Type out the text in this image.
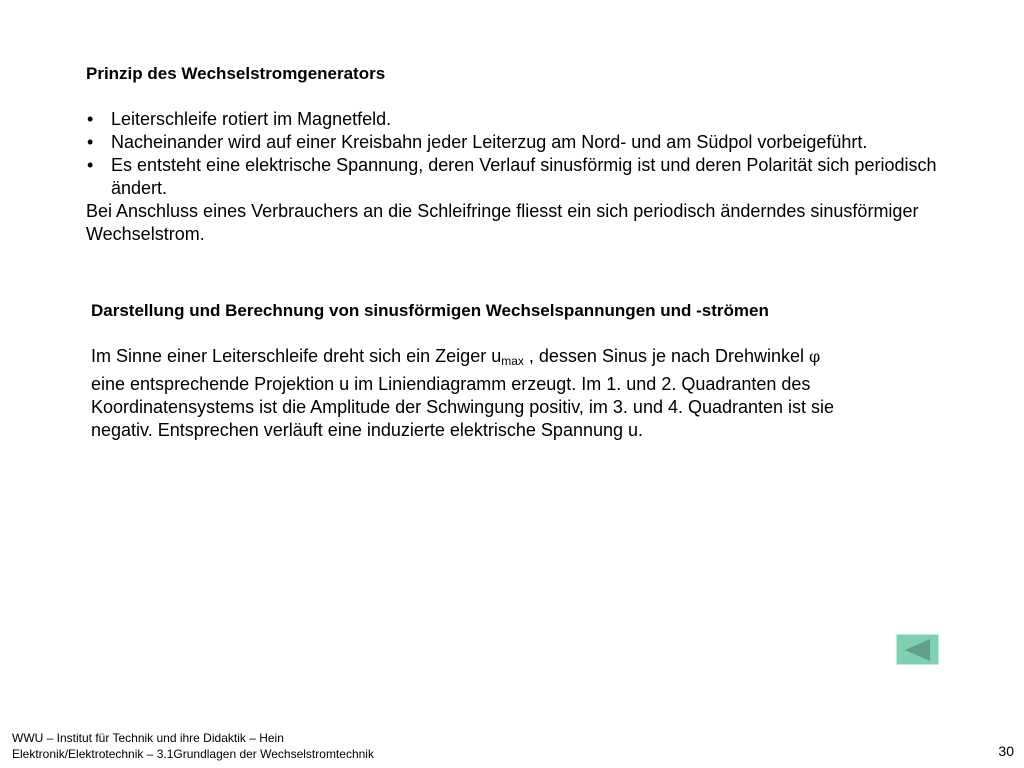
Prinzip des Wechselstromgenerators
• Leiterschleife rotiert im Magnetfeld.
• Nacheinander wird auf einer Kreisbahn jeder Leiterzug am Nord- und am Südpol vorbeigeführt.
• Es entsteht eine elektrische Spannung, deren Verlauf sinusförmig ist und deren Polarität sich periodisch ändert.

Bei Anschluss eines Verbrauchers an die Schleifringe fliesst ein sich periodisch änderndes sinusförmiger Wechselstrom.

Darstellung und Berechnung von sinusförmigen Wechselspannungen und -strömen

Im Sinne einer Leiterschleife dreht sich ein Zeiger $u_{max}$ , dessen Sinus je nach Drehwinkel φ eine entsprechende Projektion u im Liniendiagramm erzeugt. Im 1. und 2. Quadranten des Koordinatensystems ist die Amplitude der Schwingung positiv, im 3. und 4. Quadranten ist sie negativ. Entsprechen verläuft eine induzierte elektrische Spannung u.

WWU – Institut für Technik und ihre Didaktik – Hein
Elektronik/Elektrotechnik – 3.1Grundlagen der Wechselstromtechnik	30
